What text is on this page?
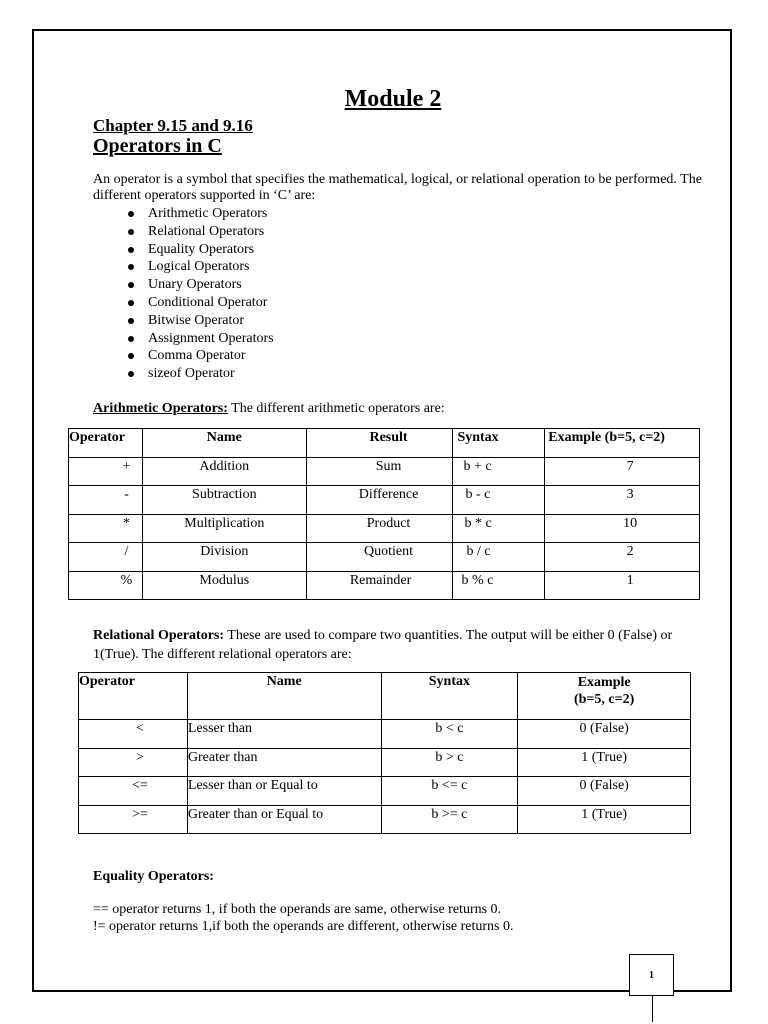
Module 2
Chapter 9.15 and 9.16
Operators in C
An operator is a symbol that specifies the mathematical, logical, or relational operation to be performed. The different operators supported in ‘C’ are:
Arithmetic Operators
Relational Operators
Equality Operators
Logical Operators
Unary Operators
Conditional Operator
Bitwise Operator
Assignment Operators
Comma Operator
sizeof Operator
Arithmetic Operators: The different arithmetic operators are:
Operator	Name	Result	Syntax	Example (b=5, c=2)
+	Addition	Sum	b + c	7
-	Subtraction	Difference	b - c	3
*	Multiplication	Product	b * c	10
/	Division	Quotient	b / c	2
%	Modulus	Remainder	b % c	1
Relational Operators: These are used to compare two quantities. The output will be either 0 (False) or 1(True). The different relational operators are:
Operator	Name	Syntax	Example
(b=5, c=2)
<	Lesser than	b < c	0 (False)
>	Greater than	b > c	1 (True)
<=	Lesser than or Equal to	b <= c	0 (False)
>=	Greater than or Equal to	b >= c	1 (True)
Equality Operators:
== operator returns 1, if both the operands are same, otherwise returns 0.
!= operator returns 1,if both the operands are different, otherwise returns 0.
1
